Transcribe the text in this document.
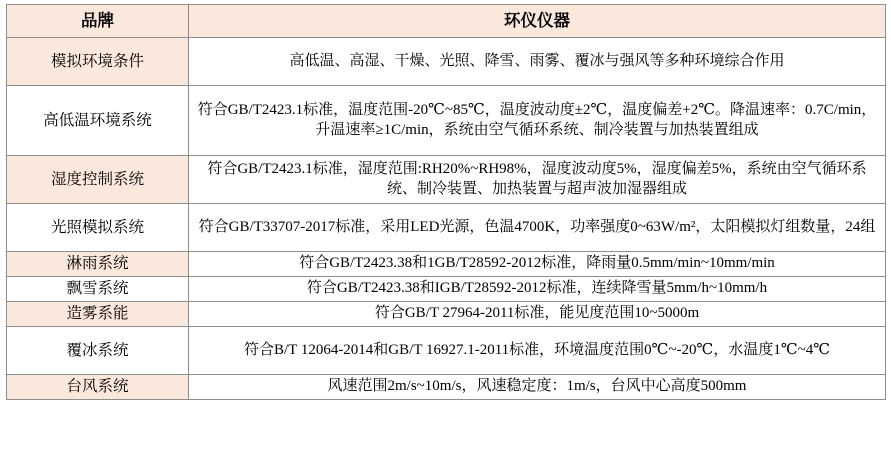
品牌	环仪仪器
模拟环境条件	高低温、高湿、干燥、光照、降雪、雨雾、覆冰与强风等多种环境综合作用

高低温环境系统	符合GB/T2423.1标准，温度范围-20℃~85℃，温度波动度±2℃，温度偏差+2℃。降温速率：0.7C/min，升温速率≥1C/min，系统由空气循环系统、制冷装置与加热装置组成

湿度控制系统	符合GB/T2423.1标准，湿度范围:RH20%~RH98%，湿度波动度5%，湿度偏差5%，系统由空气循环系统、制冷装置、加热装置与超声波加湿器组成

光照模拟系统	符合GB/T33707-2017标准，采用LED光源，色温4700K，功率强度0~63W/m²，太阳模拟灯组数量，24组

淋雨系统	符合GB/T2423.38和1GB/T28592-2012标准，降雨量0.5mm/min~10mm/min

飘雪系统	符合GB/T2423.38和IGB/T28592-2012标准，连续降雪量5mm/h~10mm/h

造雾系能	符合GB/T 27964-2011标准，能见度范围10~5000m

覆冰系统	符合B/T 12064-2014和GB/T 16927.1-2011标准，环境温度范围0℃~-20℃，水温度1℃~4℃

台风系统	风速范围2m/s~10m/s，风速稳定度：1m/s，台风中心高度500mm
